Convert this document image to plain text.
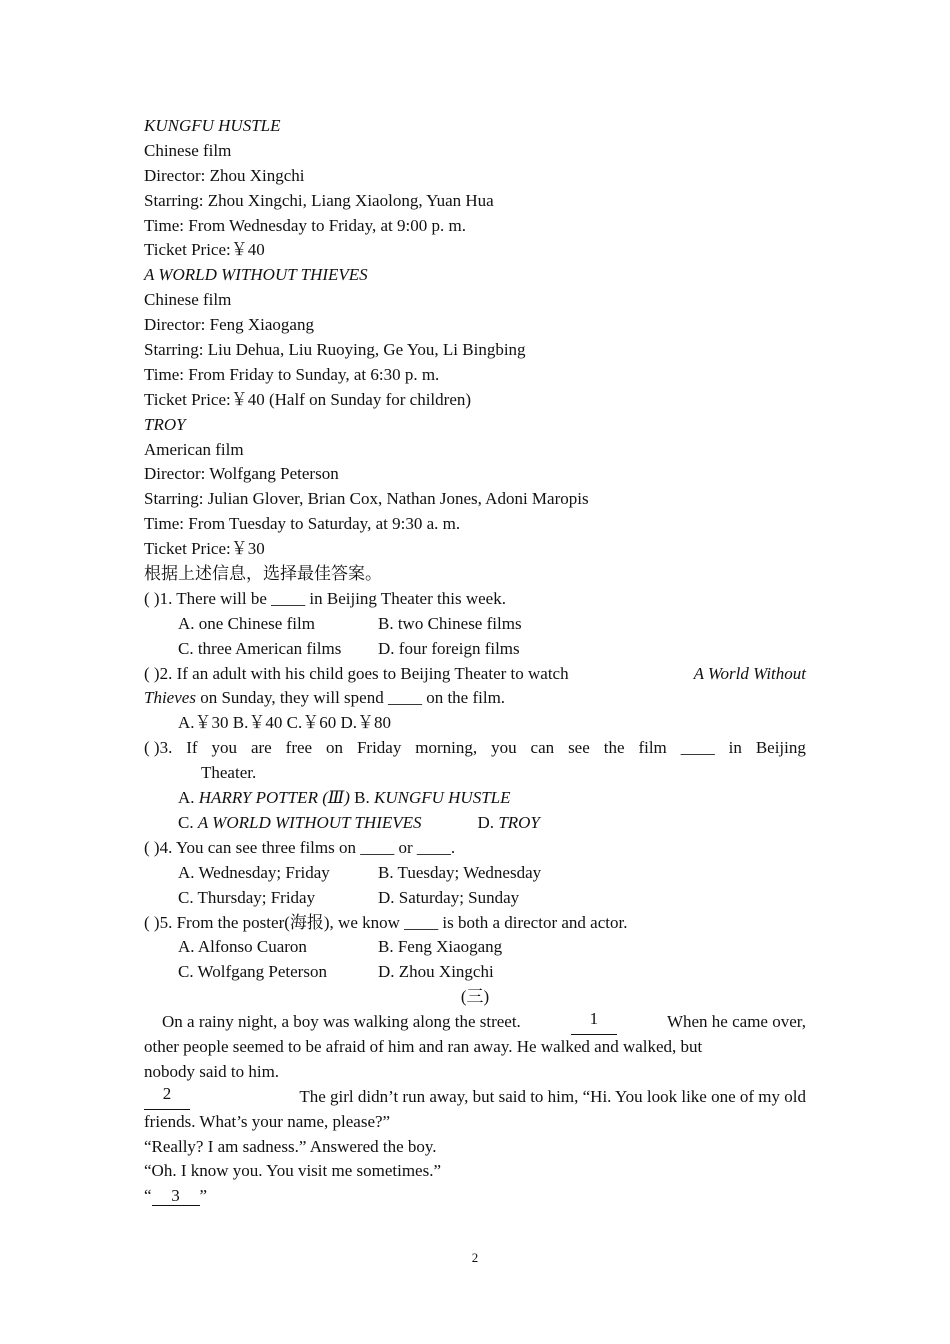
KUNGFU HUSTLE
Chinese film
Director: Zhou Xingchi
Starring: Zhou Xingchi, Liang Xiaolong, Yuan Hua
Time: From Wednesday to Friday, at 9:00 p. m.
Ticket Price:￥40
A WORLD WITHOUT THIEVES
Chinese film
Director: Feng Xiaogang
Starring: Liu Dehua, Liu Ruoying, Ge You, Li Bingbing
Time: From Friday to Sunday, at 6:30 p. m.
Ticket Price:￥40 (Half on Sunday for children)
TROY
American film
Director: Wolfgang Peterson
Starring: Julian Glover, Brian Cox, Nathan Jones, Adoni Maropis
Time: From Tuesday to Saturday, at 9:30 a. m.
Ticket Price:￥30
根据上述信息，选择最佳答案。
( )1. There will be ____ in Beijing Theater this week.
A. one Chinese film	B. two Chinese films
C. three American films D. four foreign films
( )2. If an adult with his child goes to Beijing Theater to watch	A World Without
Thieves on Sunday, they will spend ____ on the film.
A.￥30 B.￥40 C.￥60 D.￥80
( )3. If you are free on Friday morning, you can see the film ____ in Beijing
Theater.
A. HARRY POTTER (Ⅲ) B. KUNGFU HUSTLE
C. A WORLD WITHOUT THIEVES	D. TROY
( )4. You can see three films on ____ or ____.
A. Wednesday; Friday	B. Tuesday; Wednesday
C. Thursday; Friday	D. Saturday; Sunday
( )5. From the poster(海报), we know ____ is both a director and actor.
A. Alfonso Cuaron	B. Feng Xiaogang
C. Wolfgang Peterson	D. Zhou Xingchi
(三)
On a rainy night, a boy was walking along the street.	1	When he came over,
other people seemed to be afraid of him and ran away. He walked and walked, but
nobody said to him.
2	The girl didn’t run away, but said to him, “Hi. You look like one of my old
friends. What’s your name, please?”
“Really? I am sadness.” Answered the boy.
“Oh. I know you. You visit me sometimes.”
“ 3 ”
2
